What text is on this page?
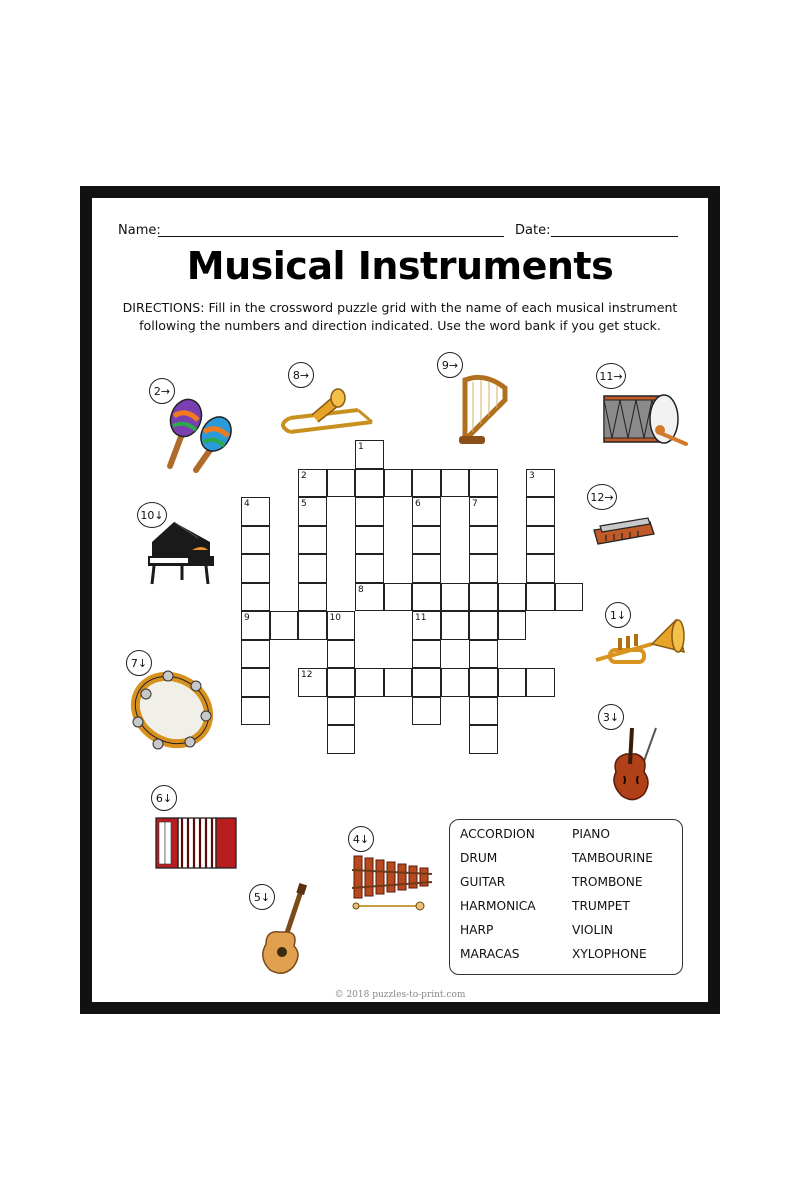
Name:	Date:
Musical Instruments
DIRECTIONS: Fill in the crossword puzzle grid with the name of each musical instrument
following the numbers and direction indicated. Use the word bank if you get stuck.
1
2	3
4	5	6	7
8
9	10	11
12
2→
8→
9→
11→
10↓
12→
1↓
7↓
3↓
6↓
4↓
5↓
ACCORDION
DRUM
GUITAR
HARMONICA
HARP
MARACAS
PIANO
TAMBOURINE
TROMBONE
TRUMPET
VIOLIN
XYLOPHONE
© 2018 puzzles-to-print.com
